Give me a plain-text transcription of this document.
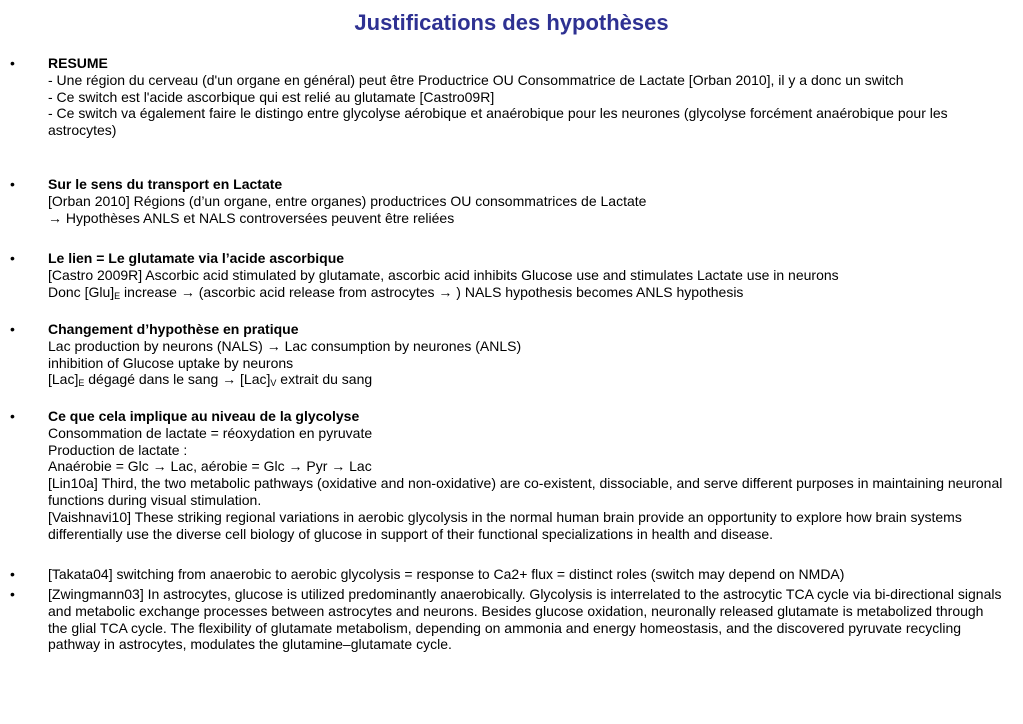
Justifications des hypothèses
• RESUME
- Une région du cerveau (d'un organe en général) peut être Productrice OU Consommatrice de Lactate [Orban 2010], il y a donc un switch
- Ce switch est l'acide ascorbique qui est relié au glutamate [Castro09R]
- Ce switch va également faire le distingo entre glycolyse aérobique et anaérobique pour les neurones (glycolyse forcément anaérobique pour les astrocytes)
• Sur le sens du transport en Lactate
[Orban 2010] Régions (d’un organe, entre organes) productrices OU consommatrices de Lactate
→ Hypothèses ANLS et NALS controversées peuvent être reliées
• Le lien = Le glutamate via l’acide ascorbique
[Castro 2009R] Ascorbic acid stimulated by glutamate, ascorbic acid inhibits Glucose use and stimulates Lactate use in neurons
Donc $[Glu]_E$ increase → (ascorbic acid release from astrocytes → ) NALS hypothesis becomes ANLS hypothesis
• Changement d’hypothèse en pratique
Lac production by neurons (NALS) → Lac consumption by neurones (ANLS)
inhibition of Glucose uptake by neurons
$[Lac]_E$ dégagé dans le sang → $[Lac]_V$ extrait du sang
• Ce que cela implique au niveau de la glycolyse
Consommation de lactate = réoxydation en pyruvate
Production de lactate :
Anaérobie = Glc → Lac, aérobie = Glc → Pyr → Lac
[Lin10a] Third, the two metabolic pathways (oxidative and non-oxidative) are co-existent, dissociable, and serve different purposes in maintaining neuronal functions during visual stimulation.
[Vaishnavi10] These striking regional variations in aerobic glycolysis in the normal human brain provide an opportunity to explore how brain systems differentially use the diverse cell biology of glucose in support of their functional specializations in health and disease.
• [Takata04] switching from anaerobic to aerobic glycolysis = response to Ca2+ flux = distinct roles (switch may depend on NMDA)
• [Zwingmann03] In astrocytes, glucose is utilized predominantly anaerobically. Glycolysis is interrelated to the astrocytic TCA cycle via bi-directional signals and metabolic exchange processes between astrocytes and neurons. Besides glucose oxidation, neuronally released glutamate is metabolized through the glial TCA cycle. The flexibility of glutamate metabolism, depending on ammonia and energy homeostasis, and the discovered pyruvate recycling pathway in astrocytes, modulates the glutamine–glutamate cycle.
